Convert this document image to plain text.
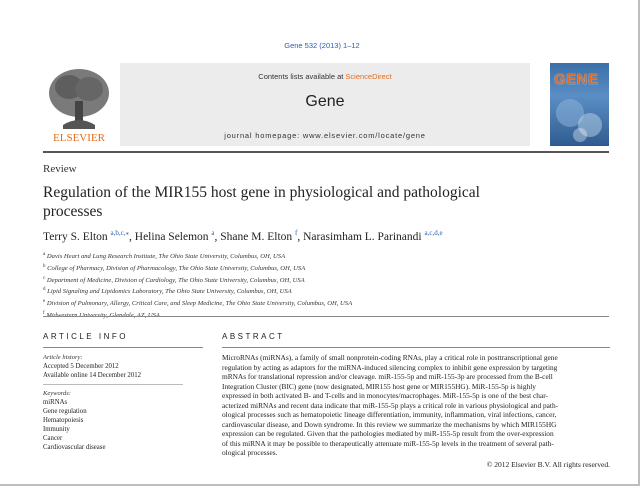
Gene 532 (2013) 1–12
ELSEVIER
Contents lists available at ScienceDirect
Gene
journal homepage: www.elsevier.com/locate/gene
GENE
Review
Regulation of the MIR155 host gene in physiological and pathological processes
Terry S. Elton $^{a,b,c,⁎}$, Helina Selemon $^a$, Shane M. Elton $^f$, Narasimham L. Parinandi $^{a,c,d,e}$
$^a$ Davis Heart and Lung Research Institute, The Ohio State University, Columbus, OH, USA
$^b$ College of Pharmacy, Division of Pharmacology, The Ohio State University, Columbus, OH, USA
$^c$ Department of Medicine, Division of Cardiology, The Ohio State University, Columbus, OH, USA
$^d$ Lipid Signaling and Lipidomics Laboratory, The Ohio State University, Columbus, OH, USA
$^e$ Division of Pulmonary, Allergy, Critical Care, and Sleep Medicine, The Ohio State University, Columbus, OH, USA
$^f$
ARTICLE INFO
Article history:
Accepted 5 December 2012
Available online 14 December 2012
Keywords:
miRNAs
Gene regulation
Hematopoiesis
Immunity
Cancer
Cardiovascular disease
ABSTRACT
MicroRNAs (miRNAs), a family of small nonprotein-coding RNAs, play a critical role in posttranscriptional gene
regulation by acting as adaptors for the miRNA-induced silencing complex to inhibit gene expression by targeting
mRNAs for translational repression and/or cleavage. miR-155-5p and miR-155-3p are processed from the B-cell
Integration Cluster (BIC) gene (now designated, MIR155 host gene or MIR155HG). MiR-155-5p is highly
expressed in both activated B- and T-cells and in monocytes/macrophages. MiR-155-5p is one of the best char-
acterized miRNAs and recent data indicate that miR-155-5p plays a critical role in various physiological and path-
ological processes such as hematopoietic lineage differentiation, immunity, inflammation, viral infections, cancer,
cardiovascular disease, and Down syndrome. In this review we summarize the mechanisms by which MIR155HG
expression can be regulated. Given that the pathologies mediated by miR-155-5p result from the over-expression
of this miRNA it may be possible to therapeutically attenuate miR-155-5p levels in the treatment of several path-
ological processes.
© 2012 Elsevier B.V. All rights reserved.
